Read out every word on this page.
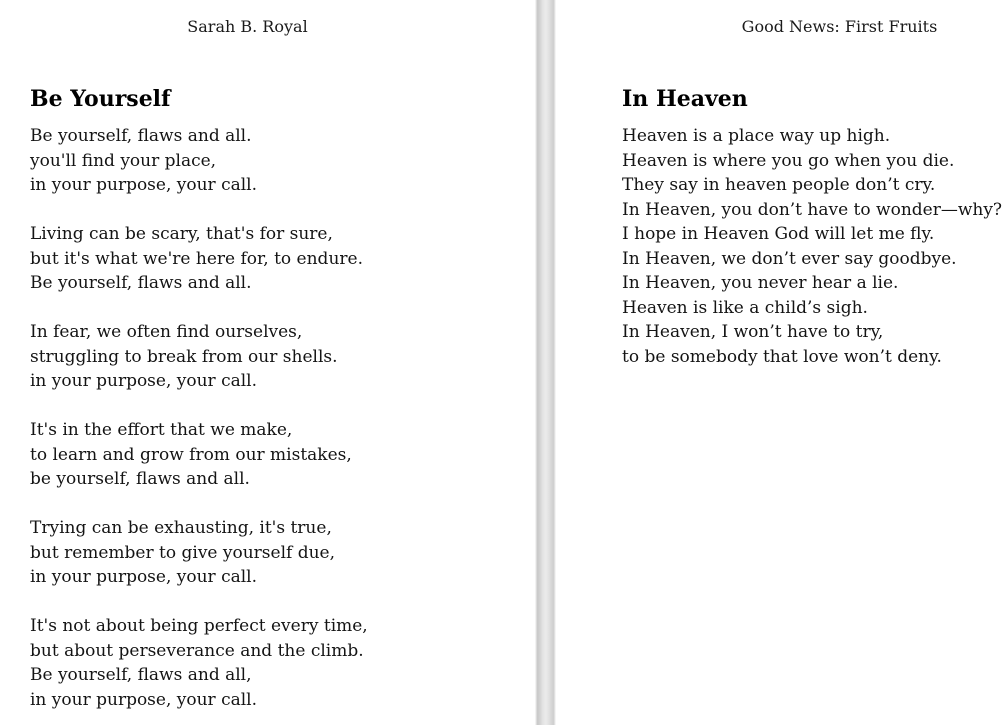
Sarah B. Royal
Be Yourself

Be yourself, flaws and all.
you'll find your place,
in your purpose, your call.

Living can be scary, that's for sure,
but it's what we're here for, to endure.
Be yourself, flaws and all.

In fear, we often find ourselves,
struggling to break from our shells.
in your purpose, your call.

It's in the effort that we make,
to learn and grow from our mistakes,
be yourself, flaws and all.

Trying can be exhausting, it's true,
but remember to give yourself due,
in your purpose, your call.

It's not about being perfect every time,
but about perseverance and the climb.
Be yourself, flaws and all,
in your purpose, your call.

Good News: First Fruits
In Heaven

Heaven is a place way up high.
Heaven is where you go when you die.
They say in heaven people don’t cry.
In Heaven, you don’t have to wonder—why?
I hope in Heaven God will let me fly.
In Heaven, we don’t ever say goodbye.
In Heaven, you never hear a lie.
Heaven is like a child’s sigh.
In Heaven, I won’t have to try,
to be somebody that love won’t deny.
